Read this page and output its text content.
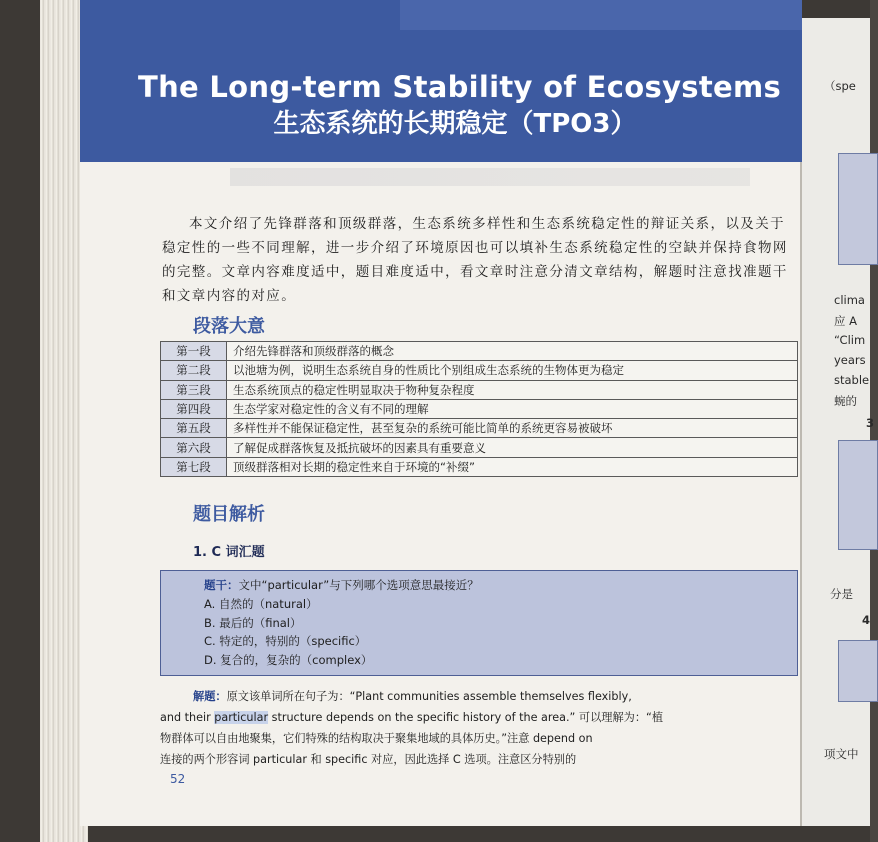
（spe
clima
应 A
“Clim
years
stable
蜿的
3
分是
4
项文中
The Long-term Stability of Ecosystems
生态系统的长期稳定（TPO3）
本文介绍了先锋群落和顶级群落，生态系统多样性和生态系统稳定性的辩证关系，以及关于稳定性的一些不同理解，进一步介绍了环境原因也可以填补生态系统稳定性的空缺并保持食物网的完整。文章内容难度适中，题目难度适中，看文章时注意分清文章结构，解题时注意找准题干和文章内容的对应。
段落大意
第一段	介绍先锋群落和顶级群落的概念
第二段	以池塘为例，说明生态系统自身的性质比个别组成生态系统的生物体更为稳定
第三段	生态系统顶点的稳定性明显取决于物种复杂程度
第四段	生态学家对稳定性的含义有不同的理解
第五段	多样性并不能保证稳定性，甚至复杂的系统可能比简单的系统更容易被破坏
第六段	了解促成群落恢复及抵抗破坏的因素具有重要意义
第七段	顶级群落相对长期的稳定性来自于环境的“补缀”
题目解析
1. C 词汇题
题干：文中“particular”与下列哪个选项意思最接近？
A. 自然的（natural）
B. 最后的（final）
C. 特定的，特别的（specific）
D. 复合的，复杂的（complex）
解题：原文该单词所在句子为：“Plant communities assemble themselves flexibly,
and their particular structure depends on the specific history of the area.” 可以理解为：“植
物群体可以自由地聚集，它们特殊的结构取决于聚集地域的具体历史。”注意 depend on
连接的两个形容词 particular 和 specific 对应，因此选择 C 选项。注意区分特别的
52
